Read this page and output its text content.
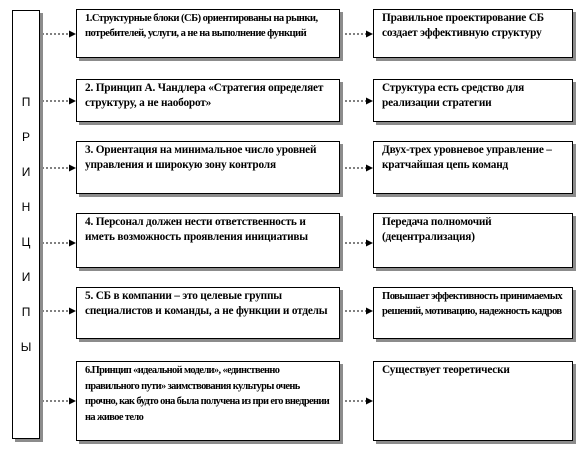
П
Р
И
Н
Ц
И
П
Ы
1.Структурные блоки (СБ) ориентированы на рынки, потребителей, услуги, а не на выполнение функций
Правильное проектирование СБ создает эффективную структуру
2. Принцип А. Чандлера «Стратегия определяет структуру, а не наоборот»
Структура есть средство для реализации стратегии
3. Ориентация на минимальное число уровней управления и широкую зону контроля
Двух-трех уровневое управление – кратчайшая цепь команд
4. Персонал должен нести ответственность и иметь возможность проявления инициативы
Передача полномочий (децентрализация)
5. СБ в компании – это целевые группы специалистов и команды, а не функции и отделы
Повышает эффективность принимаемых решений, мотивацию, надежность кадров
6.Принцип «идеальной модели», «единственно правильного пути» заимствования культуры очень прочно, как будто она была получена из при его внедрении на живое тело
Существует теоретически
